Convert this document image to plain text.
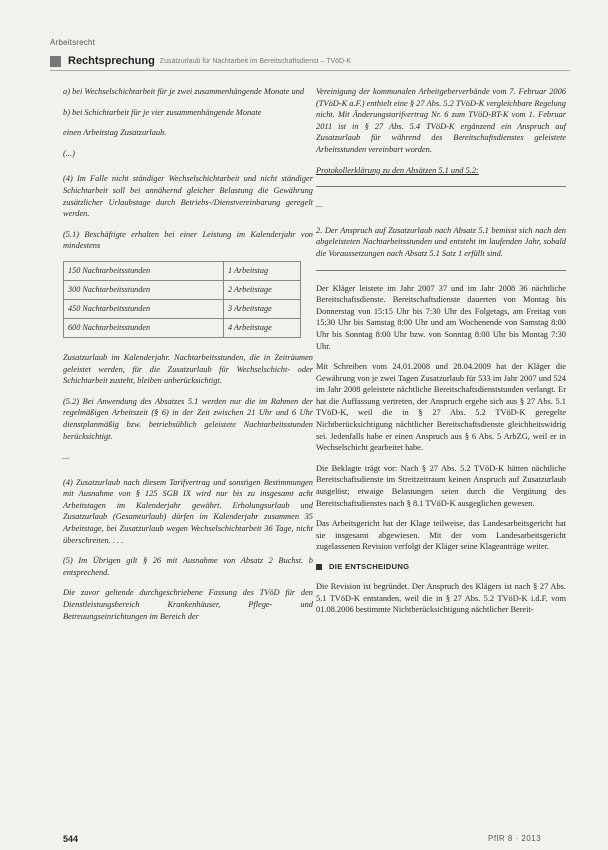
Arbeitsrecht
Rechtsprechung Zusatzurlaub für Nachtarbeit im Bereitschaftsdienst – TVöD-K

a) bei Wechselschichtarbeit für je zwei zusammenhängende Monate und

b) bei Schichtarbeit für je vier zusammenhängende Monate

einen Arbeitstag Zusatzurlaub.

(...)

(4) Im Falle nicht ständiger Wechselschichtarbeit und nicht ständiger Schichtarbeit soll bei annähernd gleicher Belastung die Gewährung zusätzlicher Urlaubstage durch Betriebs-/Dienstvereinbarung geregelt werden.

(5.1) Beschäftigte erhalten bei einer Leistung im Kalenderjahr von mindestens

150 Nachtarbeitsstunden	1 Arbeitstag
300 Nachtarbeitsstunden	2 Arbeitstage
450 Nachtarbeitsstunden	3 Arbeitstage
600 Nachtarbeitsstunden	4 Arbeitstage

Zusatzurlaub im Kalenderjahr. Nachtarbeitsstunden, die in Zeiträumen geleistet werden, für die Zusatzurlaub für Wechselschicht- oder Schichtarbeit zusteht, bleiben unberücksichtigt.

(5.2) Bei Anwendung des Absatzes 5.1 werden nur die im Rahmen der regelmäßigen Arbeitszeit (§ 6) in der Zeit zwischen 21 Uhr und 6 Uhr dienstplanmäßig bzw. betriebsüblich geleistete Nachtarbeitsstunden berücksichtigt.

...

(4) Zusatzurlaub nach diesem Tarifvertrag und sonstigen Bestimmungen mit Ausnahme von § 125 SGB IX wird nur bis zu insgesamt acht Arbeitstagen im Kalenderjahr gewährt. Erholungsurlaub und Zusatzurlaub (Gesamturlaub) dürfen im Kalenderjahr zusammen 35 Arbeitstage, bei Zusatzurlaub wegen Wechselschichtarbeit 36 Tage, nicht überschreiten. . . .

(5) Im Übrigen gilt § 26 mit Ausnahme von Absatz 2 Buchst. b entsprechend.

Die zuvor geltende durchgeschriebene Fassung des TVöD für den Dienstleistungsbereich Krankenhäuser, Pflege- und Betreuungseinrichtungen im Bereich der

Vereinigung der kommunalen Arbeitgeberverbände vom 7. Februar 2006 (TVöD-K a.F.) enthielt eine § 27 Abs. 5.2 TVöD-K vergleichbare Regelung nicht. Mit Änderungstarifvertrag Nr. 6 zum TVöD-BT-K vom 1. Februar 2011 ist in § 27 Abs. 5.4 TVöD-K ergänzend ein Anspruch auf Zusatzurlaub für während des Bereitschaftsdienstes geleistete Arbeitsstunden vereinbart worden.

Protokollerklärung zu den Absätzen 5.1 und 5.2:

...

2. Der Anspruch auf Zusatzurlaub nach Absatz 5.1 bemisst sich nach den abgeleisteten Nachtarbeitsstunden und entsteht im laufenden Jahr, sobald die Voraussetzungen nach Absatz 5.1 Satz 1 erfüllt sind.

Der Kläger leistete im Jahr 2007 37 und im Jahr 2008 36 nächtliche Bereitschaftsdienste. Bereitschaftsdienste dauerten von Montag bis Donnerstag von 15:15 Uhr bis 7:30 Uhr des Folgetags, am Freitag von 15:30 Uhr bis Samstag 8:00 Uhr und am Wochenende von Samstag 8:00 Uhr bis Sonntag 8:00 Uhr bzw. von Sonntag 8:00 Uhr bis Montag 7:30 Uhr.

Mit Schreiben vom 24.01.2008 und 28.04.2009 hat der Kläger die Gewährung von je zwei Tagen Zusatzurlaub für 533 im Jahr 2007 und 524 im Jahr 2008 geleistete nächtliche Bereitschaftsdienststunden verlangt. Er hat die Auffassung vertreten, der Anspruch ergebe sich aus § 27 Abs. 5.1 TVöD-K, weil die in § 27 Abs. 5.2 TVöD-K geregelte Nichtberücksichtigung nächtlicher Bereitschaftsdienste gleichheitswidrig sei. Jedenfalls habe er einen Anspruch aus § 6 Abs. 5 ArbZG, weil er in Wechselschicht gearbeitet habe.

Die Beklagte trägt vor: Nach § 27 Abs. 5.2 TVöD-K hätten nächtliche Bereitschaftsdienste im Streitzeitraum keinen Anspruch auf Zusatzurlaub ausgelöst; etwaige Belastungen seien durch die Vergütung des Bereitschaftsdienstes nach § 8.1 TVöD-K ausgeglichen gewesen.

Das Arbeitsgericht hat der Klage teilweise, das Landesarbeitsgericht hat sie insgesamt abgewiesen. Mit der vom Landesarbeitsgericht zugelassenen Revision verfolgt der Kläger seine Klageanträge weiter.

DIE ENTSCHEIDUNG

Die Revision ist begründet. Der Anspruch des Klägers ist nach § 27 Abs. 5.1 TVöD-K entstanden, weil die in § 27 Abs. 5.2 TVöD-K i.d.F. vom 01.08.2006 bestimmte Nichtberücksichtigung nächtlicher Bereit-

544	PflR 8 · 2013
